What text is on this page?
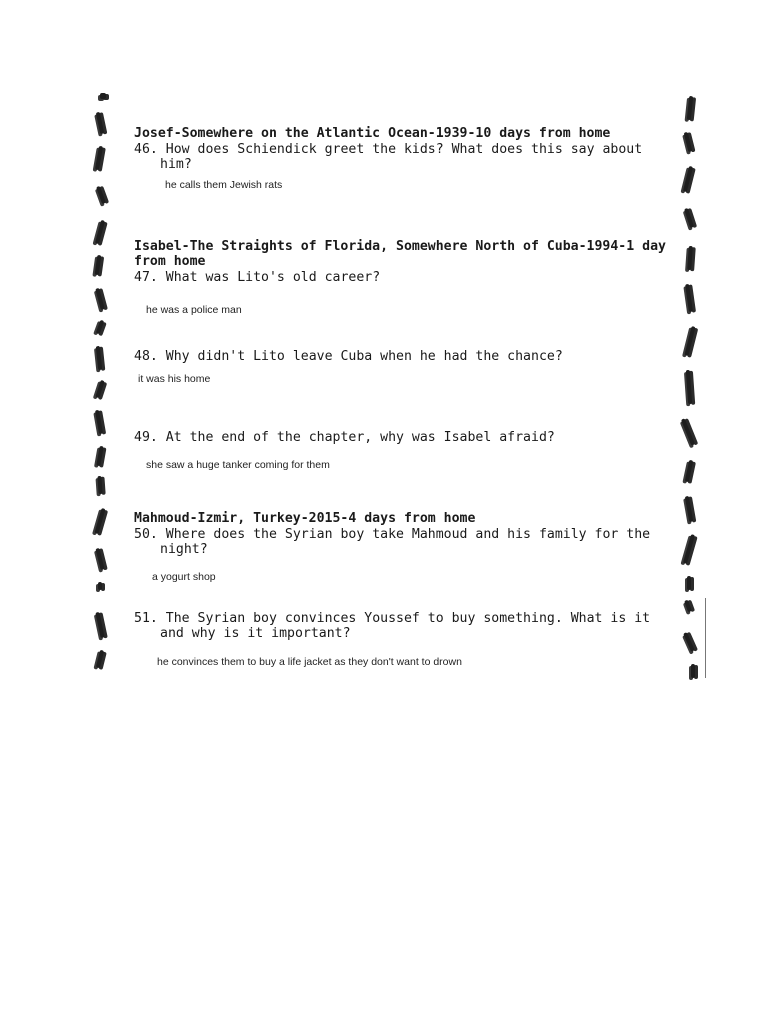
Josef-Somewhere on the Atlantic Ocean-1939-10 days from home
46. How does Schiendick greet the kids? What does this say about
him?
he calls them Jewish rats
Isabel-The Straights of Florida, Somewhere North of Cuba-1994-1 day
from home
47. What was Lito's old career?
he was a police man
48. Why didn't Lito leave Cuba when he had the chance?
it was his home
49. At the end of the chapter, why was Isabel afraid?
she saw a huge tanker coming for them
Mahmoud-Izmir, Turkey-2015-4 days from home
50. Where does the Syrian boy take Mahmoud and his family for the
night?
a yogurt shop
51. The Syrian boy convinces Youssef to buy something. What is it
and why is it important?
he convinces them to buy a life jacket as they don't want to drown
